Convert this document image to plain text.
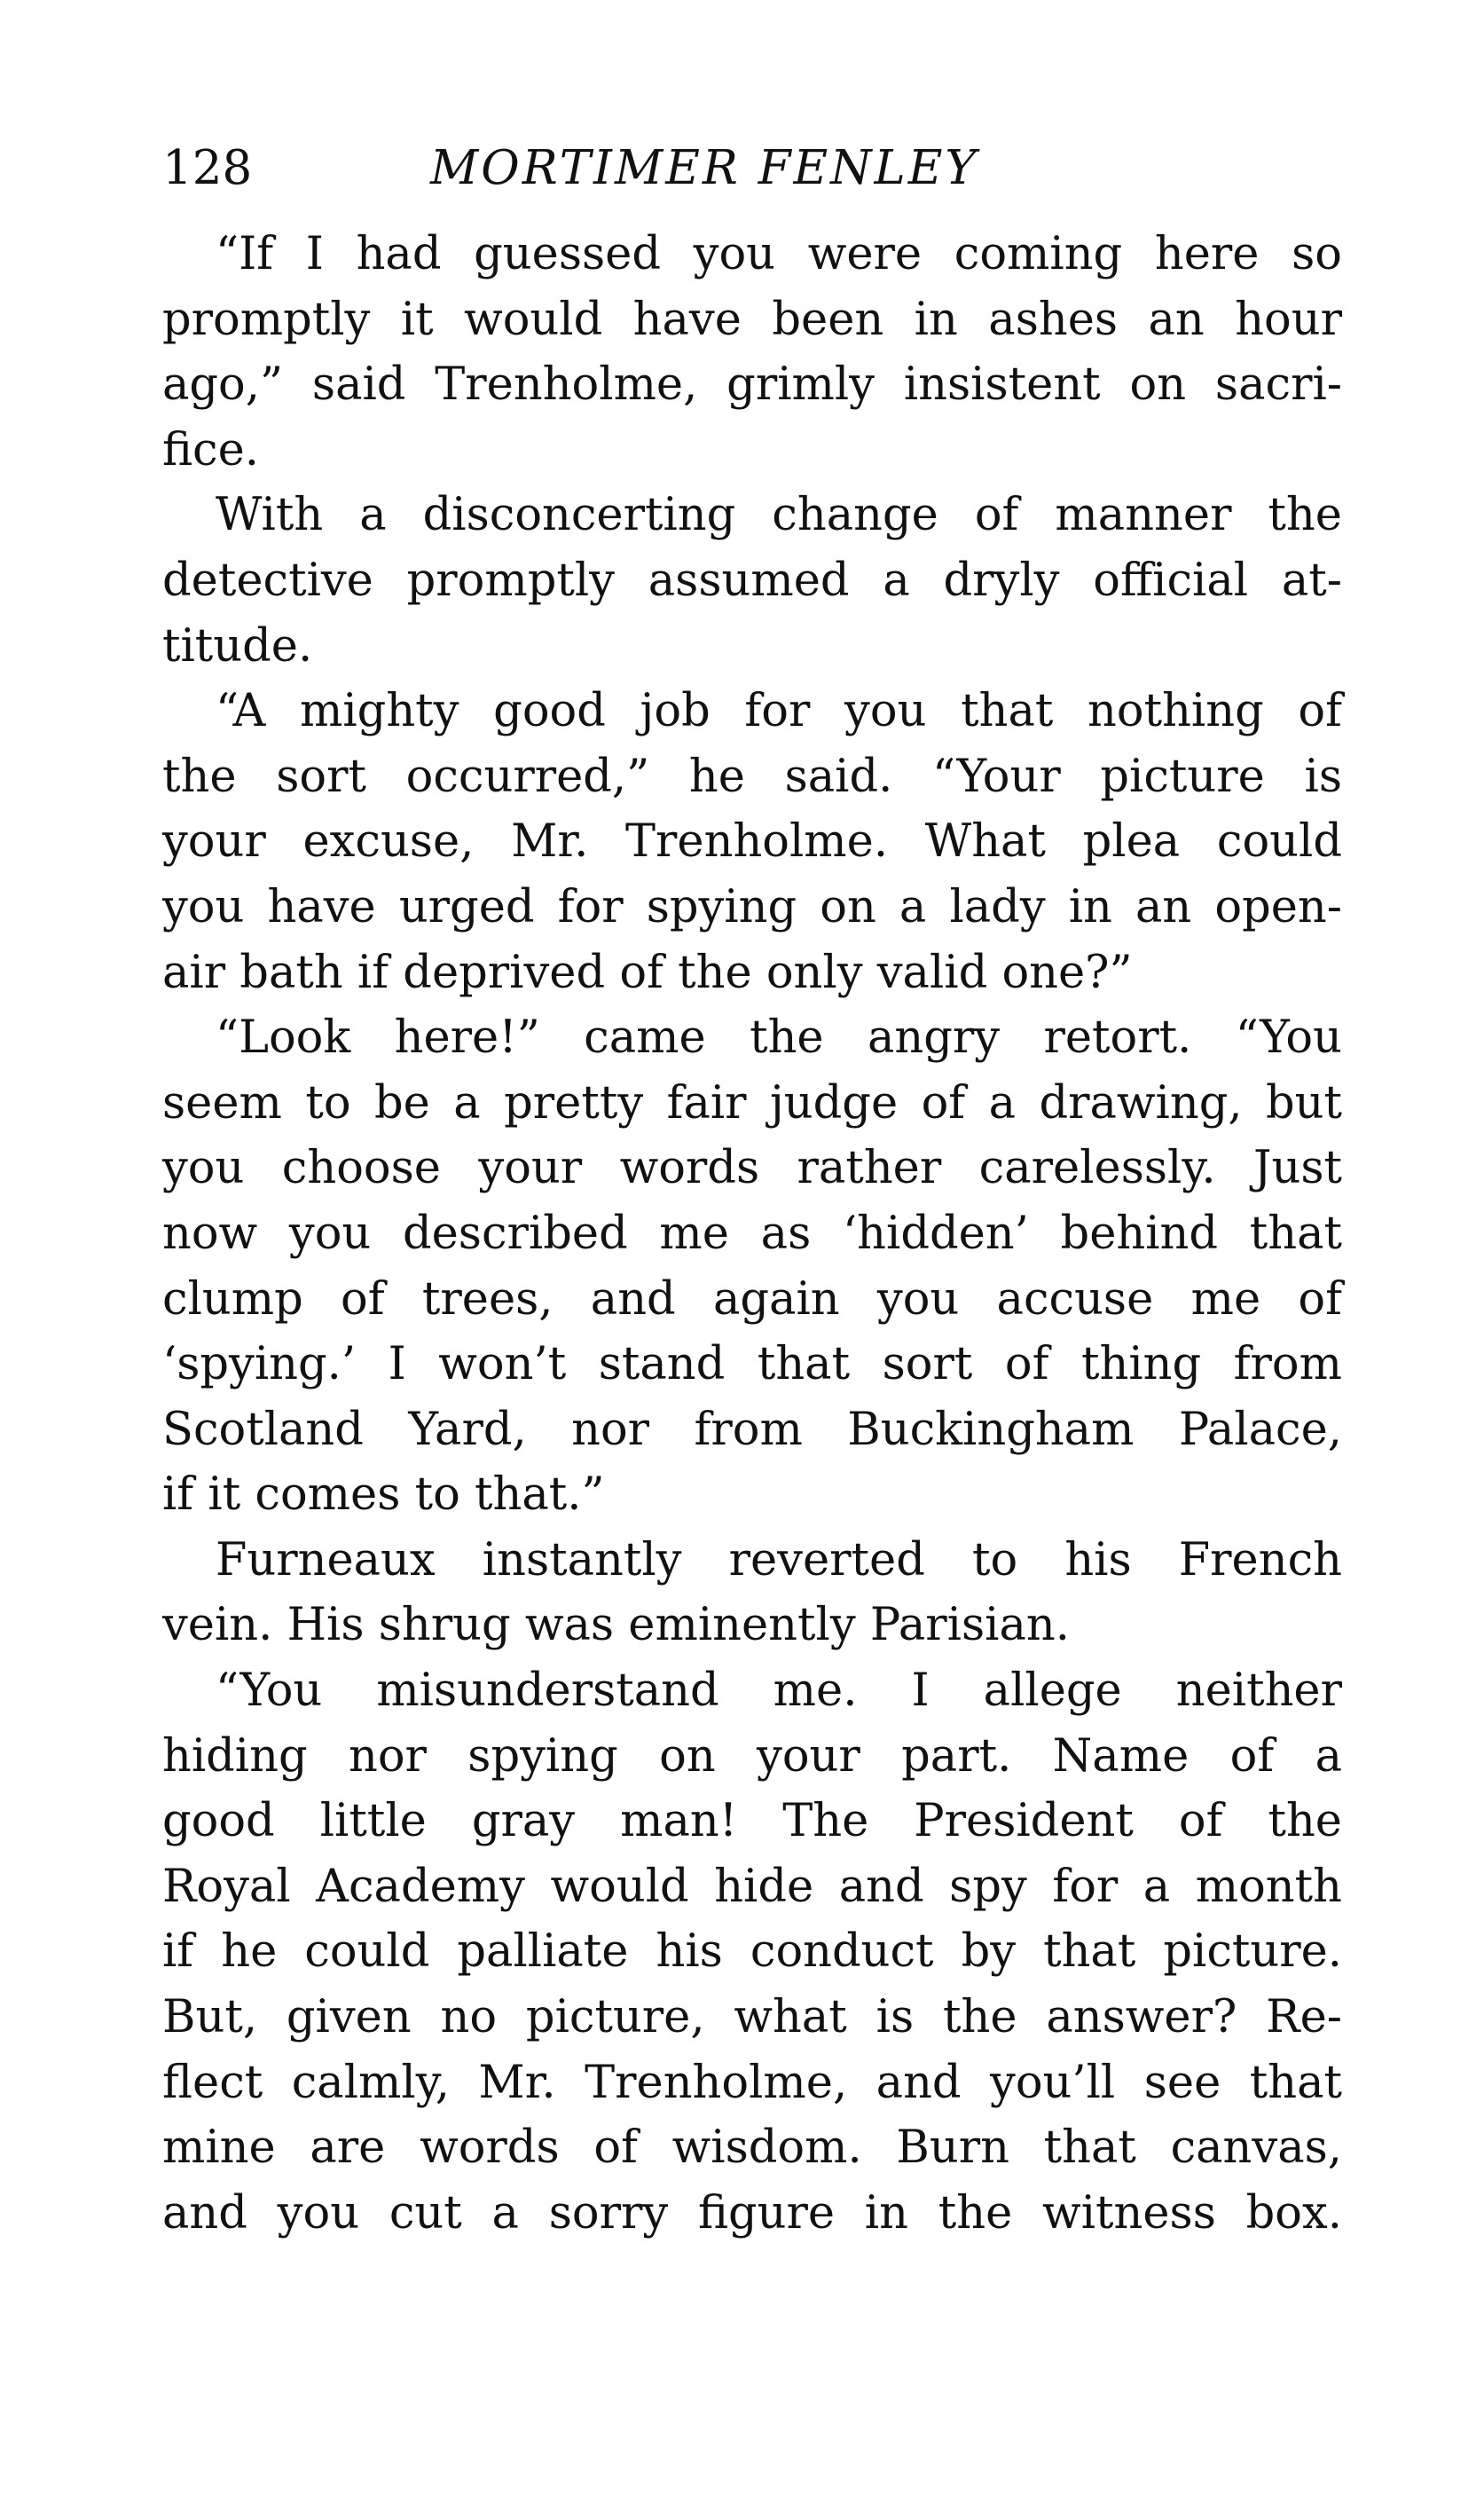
128	MORTIMER FENLEY

“If I had guessed you were coming here so
promptly it would have been in ashes an hour
ago,” said Trenholme, grimly insistent on sacri-
fice.

With a disconcerting change of manner the
detective promptly assumed a dryly official at-
titude.

“A mighty good job for you that nothing of
the sort occurred,” he said. “Your picture is
your excuse, Mr. Trenholme. What plea could
you have urged for spying on a lady in an open-
air bath if deprived of the only valid one?”

“Look here!” came the angry retort. “You
seem to be a pretty fair judge of a drawing, but
you choose your words rather carelessly. Just
now you described me as ‘hidden’ behind that
clump of trees, and again you accuse me of
‘spying.’ I won’t stand that sort of thing from
Scotland Yard, nor from Buckingham Palace,
if it comes to that.”

Furneaux instantly reverted to his French
vein. His shrug was eminently Parisian.

“You misunderstand me. I allege neither
hiding nor spying on your part. Name of a
good little gray man! The President of the
Royal Academy would hide and spy for a month
if he could palliate his conduct by that picture.
But, given no picture, what is the answer? Re-
flect calmly, Mr. Trenholme, and you’ll see that
mine are words of wisdom. Burn that canvas,
and you cut a sorry figure in the witness box.
